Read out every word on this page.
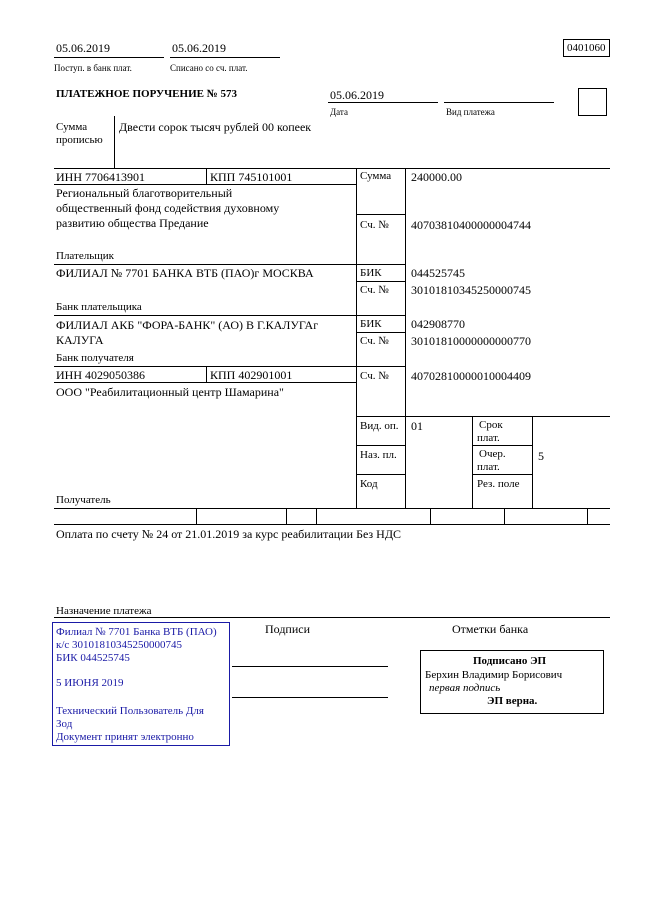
05.06.2019
Поступ. в банк плат.
05.06.2019
Списано со сч. плат.
0401060
ПЛАТЕЖНОЕ ПОРУЧЕНИЕ № 573	05.06.2019
Дата	Вид платежа
Сумма
прописью
Двести сорок тысяч рублей 00 копеек
ИНН 7706413901	КПП 745101001
Региональный благотворительный
общественный фонд содействия духовному
развитию общества Предание
Плательщик
ФИЛИАЛ № 7701 БАНКА ВТБ (ПАО)г МОСКВА
Банк плательщика
ФИЛИАЛ АКБ "ФОРА-БАНК" (АО) В Г.КАЛУГАг
КАЛУГА
Банк получателя
ИНН 4029050386	КПП 402901001
ООО "Реабилитационный центр Шамарина"
Получатель
Сумма 240000.00
Сч. № 40703810400000004744
БИК 044525745
Сч. № 30101810345250000745
БИК 042908770
Сч. № 30101810000000000770
Сч. № 40702810000010004409
Вид. оп. 01	Срок
плат.
Наз. пл.	Очер.
плат.
5
Код	Рез. поле
Оплата по счету № 24 от 21.01.2019 за курс реабилитации Без НДС
Назначение платежа
Филиал № 7701 Банка ВТБ (ПАО)
к/с 30101810345250000745
БИК 044525745
5 ИЮНЯ 2019
Технический Пользователь Для
Зод
Документ принят электронно
Подписи	Отметки банка
Подписано ЭП
Берхин Владимир Борисович
первая подпись
ЭП верна.
